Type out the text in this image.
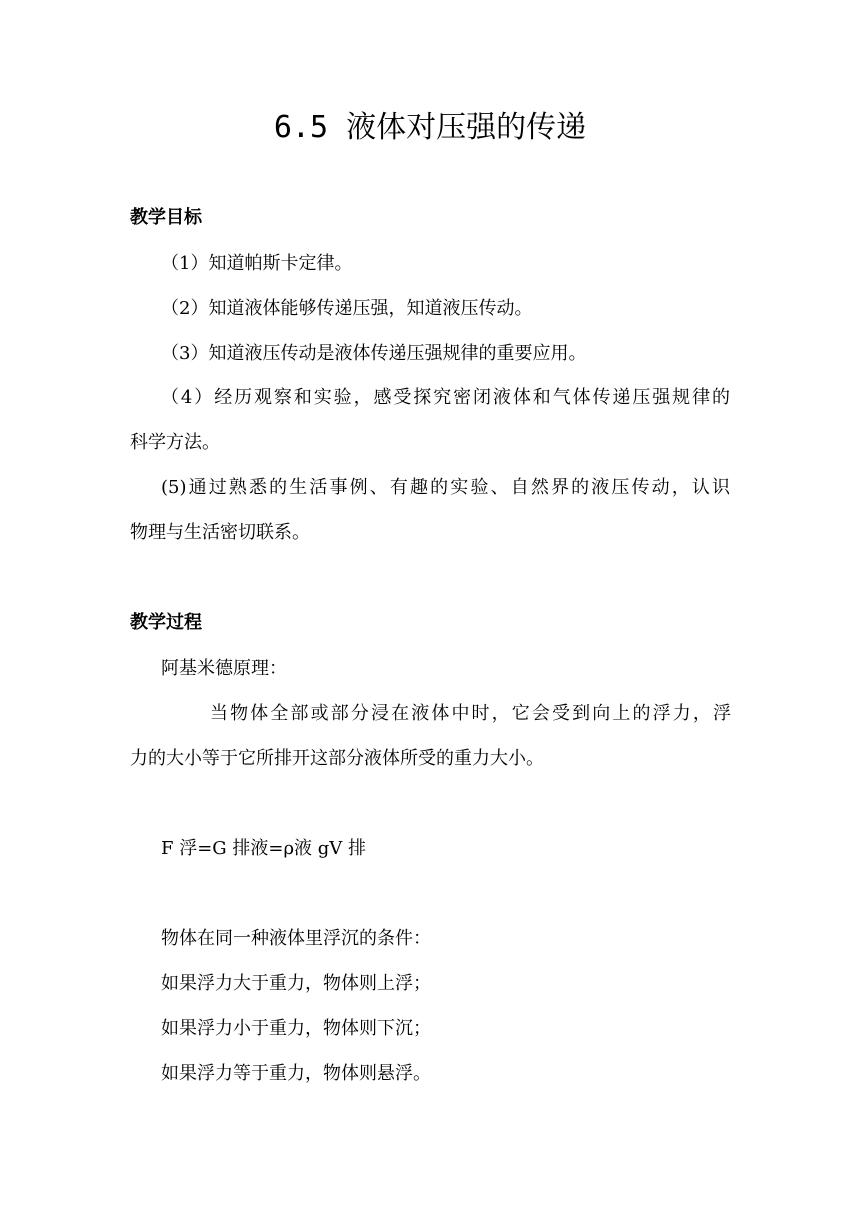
6.5 液体对压强的传递
教学目标
（1）知道帕斯卡定律。
（2）知道液体能够传递压强，知道液压传动。
（3）知道液压传动是液体传递压强规律的重要应用。
（4）经历观察和实验，感受探究密闭液体和气体传递压强规律的
科学方法。
(5)通过熟悉的生活事例、有趣的实验、自然界的液压传动，认识
物理与生活密切联系。
教学过程
阿基米德原理：
当物体全部或部分浸在液体中时，它会受到向上的浮力，浮
力的大小等于它所排开这部分液体所受的重力大小。
F 浮=G 排液=ρ液 gV 排
物体在同一种液体里浮沉的条件：
如果浮力大于重力，物体则上浮；
如果浮力小于重力，物体则下沉；
如果浮力等于重力，物体则悬浮。
